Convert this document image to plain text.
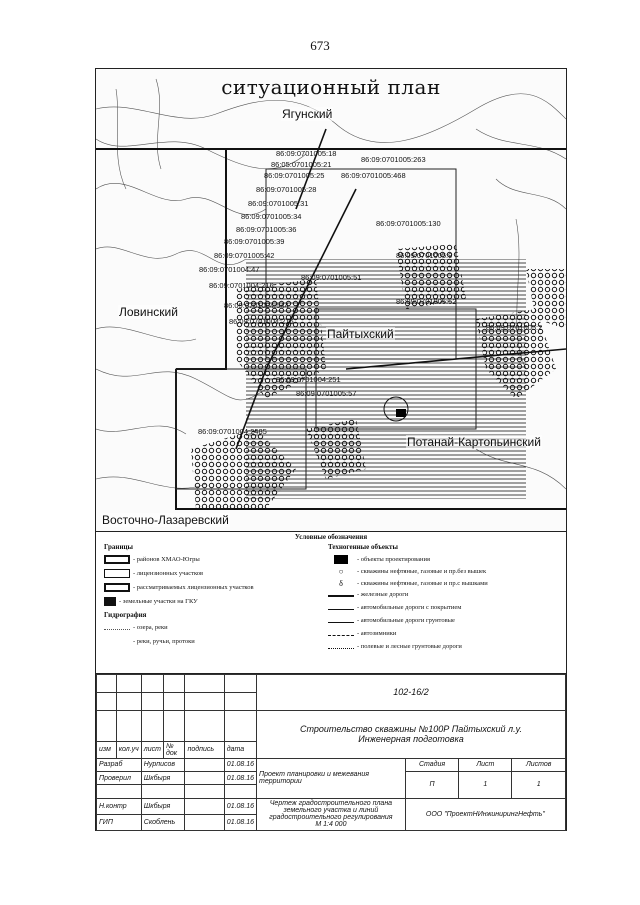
673
ситуационный план
Ягунский
Ловинский
Пайтыхский
Потанай-Картопьинский
Восточно-Лазаревский
86:09:0701005:18
86:05:0701005:21
86:09:0701005:25
86:09:0701005:263
86:09:0701005:468
86:09:0701005:28
86:09:0701005:31
86:09:0701005:34
86:09:0701005:36
86:09:0701005:130
86:09:0701005:39
86:09:0701005:42	86:09:0701005:9
86:09:0701004:47
86:09:0701005:51
86:09:0701004:216
86:09:0701005:52
86:09:0701005:2
86:09:0701004:544
86:09:0701004:216
86:09:0701004:251
86:09:0701005:57
86:09:0701004:2485
Условные обозначения
Границы
- районов ХМАО-Югры
- лицензионных участков
- рассматриваемых лицензионных участков
- земельные участки на ГКУ
Гидрография
- озера, реки
- реки, ручьи, протоки
Техногенные объекты
- объекты проектирования
○	- скважины нефтяные, газовые и пр.без вышек
δ	- скважины нефтяные, газовые и пр.с вышками
- железные дороги
- автомобильные дороги с покрытием
- автомобильные дороги грунтовые
- автозимники
- полевые и лесные грунтовые дороги
						102-16/2			

						Строительство скважины №100Р Пайтыхский л.у.
Инженерная подготовка			

изм	кол.уч	лист	№ док	подпись	дата				
Разраб		Нурписов			01.08.16	Проект планировки и межевания территории	Стадия	Лист	Листов
Проверил		Шкбыря			01.08.16		П	1	1

Н.контр		Шкбыря			01.08.16	Чертеж градостроительного плана земельного участка и линий градостроительного регулирования
М 1:4 000	ООО "ПроектНИнжинирингНефть"		
ГИП		Скоблень			01.08.16				
